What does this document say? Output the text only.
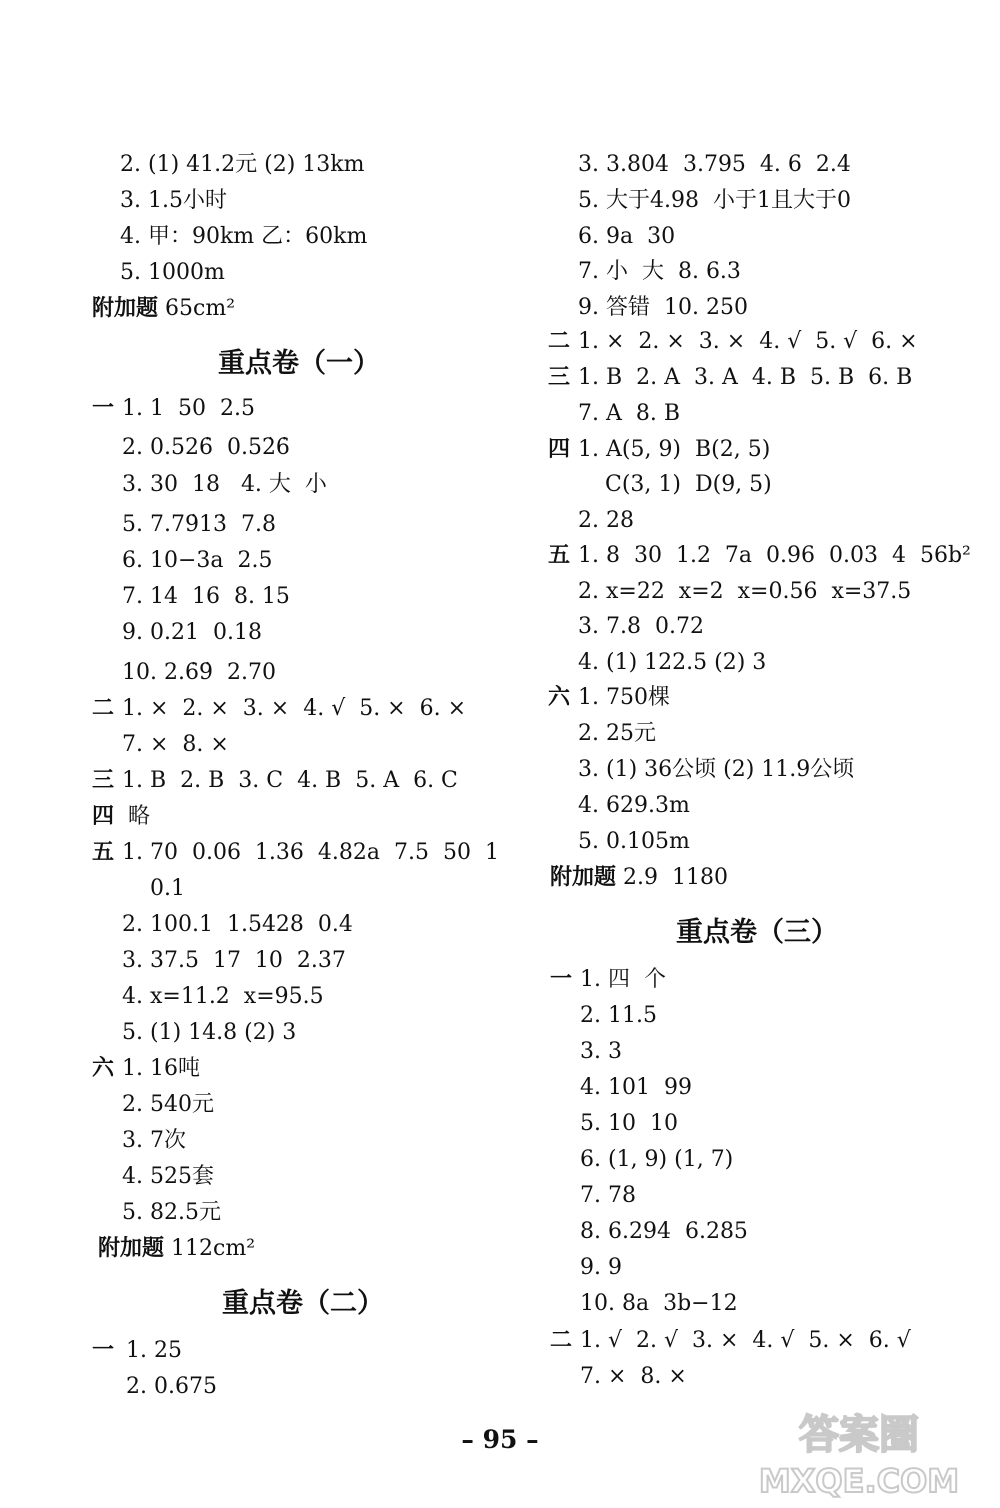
2. (1) 41.2元 (2) 13km
3. 1.5小时
4. 甲：90km 乙：60km
5. 1000m
附加题 65cm²
重点卷（一）
一 1. 1  50  2.5
2. 0.526̇  0.52̇6̇
3. 30  18   4. 大  小
5. 7.79̇13̇  7.8
6. 10−3a  2.5
7. 14  16  8. 15
9. 0.21  0.18
10. 2.6̇9̇  2.70
二 1. ×  2. ×  3. ×  4. √  5. ×  6. ×
7. ×  8. ×
三 1. B  2. B  3. C  4. B  5. A  6. C
四 略
五 1. 70  0.06  1.36  4.82a  7.5  50  1
0.1
2. 100.1  1.5428  0.4
3. 37.5  17  10  2.37
4. x=11.2  x=95.5
5. (1) 14.8 (2) 3
六 1. 16吨
2. 540元
3. 7次
4. 525套
5. 82.5元
附加题 112cm²
重点卷（二）
一 1. 25
2. 0.675
3. 3.804  3.795  4. 6  2.4
5. 大于4.98  小于1且大于0
6. 9a  30
7. 小  大  8. 6.3
9. 答错  10. 250
二 1. ×  2. ×  3. ×  4. √  5. √  6. ×
三 1. B  2. A  3. A  4. B  5. B  6. B
7. A  8. B
四 1. A(5, 9)  B(2, 5)
C(3, 1)  D(9, 5)
2. 28
五 1. 8  30  1.2  7a  0.96  0.03  4  56b²
2. x=22  x=2  x=0.56  x=37.5
3. 7.8  0.72
4. (1) 122.5 (2) 3
六 1. 750棵
2. 25元
3. (1) 36公顷 (2) 11.9公顷
4. 629.3m
5. 0.105m
附加题 2.9  1180
重点卷（三）
一 1. 四  个
2. 11.5
3. 3
4. 101  99
5. 10  10
6. (1, 9) (1, 7)
7. 78
8. 6.294  6.285
9. 9
10. 8a  3b−12
二 1. √  2. √  3. ×  4. √  5. ×  6. √
7. ×  8. ×
– 95 –	答案圈
MXQE.COM
